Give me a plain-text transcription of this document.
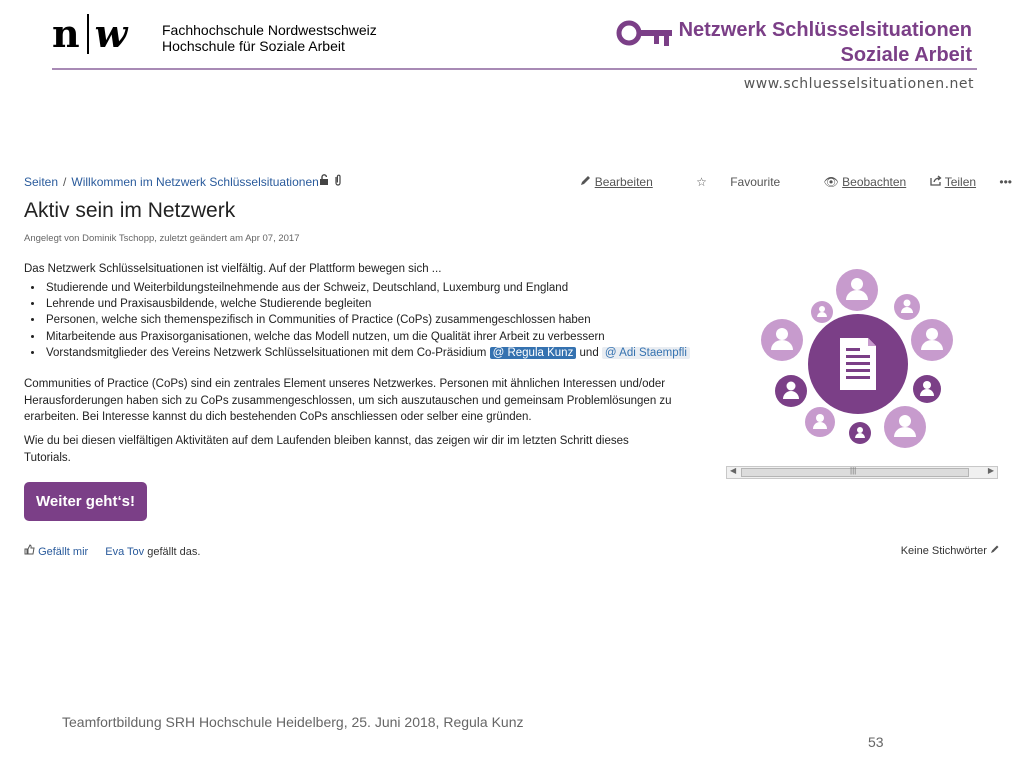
n w Fachhochschule Nordwestschweiz
Hochschule für Soziale Arbeit
Netzwerk Schlüsselsituationen
Soziale Arbeit
www.schluesselsituationen.net
Seiten / Willkommen im Netzwerk Schlüsselsituationen
	Bearbeiten	☆ Favourite	👁 Beobachten	Teilen •••
Aktiv sein im Netzwerk
Angelegt von Dominik Tschopp, zuletzt geändert am Apr 07, 2017
Das Netzwerk Schlüsselsituationen ist vielfältig. Auf der Plattform bewegen sich ...
• Studierende und Weiterbildungsteilnehmende aus der Schweiz, Deutschland, Luxemburg und England
• Lehrende und Praxisausbildende, welche Studierende begleiten
• Personen, welche sich themenspezifisch in Communities of Practice (CoPs) zusammengeschlossen haben
• Mitarbeitende aus Praxisorganisationen, welche das Modell nutzen, um die Qualität ihrer Arbeit zu verbessern
• Vorstandsmitglieder des Vereins Netzwerk Schlüsselsituationen mit dem Co-Präsidium @ Regula Kunz und @ Adi Staempfli
Communities of Practice (CoPs) sind ein zentrales Element unseres Netzwerkes. Personen mit ähnlichen Interessen und/oder
Herausforderungen haben sich zu CoPs zusammengeschlossen, um sich auszutauschen und gemeinsam Problemlösungen zu
erarbeiten. Bei Interesse kannst du dich bestehenden CoPs anschliessen oder selber eine gründen.
Wie du bei diesen vielfältigen Aktivitäten auf dem Laufenden bleiben kannst, das zeigen wir dir im letzten Schritt dieses Tutorials.
◀	|||	▶
Weiter geht‘s!
Gefällt mir Eva Tov gefällt das.	Keine Stichwörter
Teamfortbildung SRH Hochschule Heidelberg, 25. Juni 2018, Regula Kunz
53
